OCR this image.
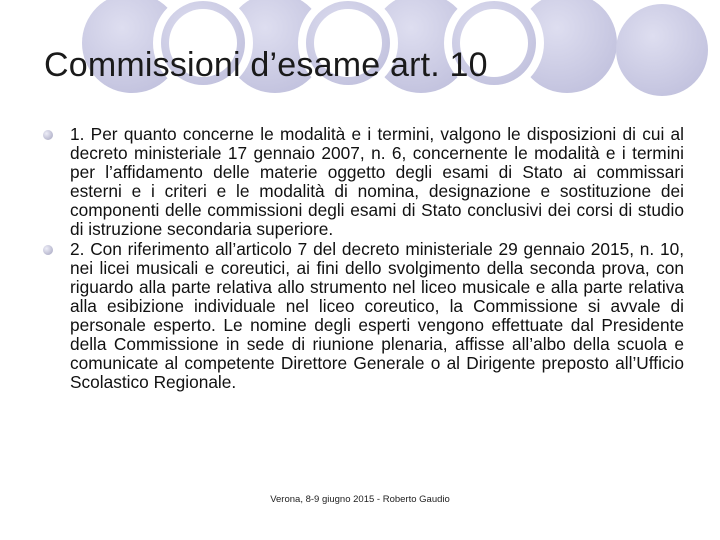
Commissioni d’esame art. 10
1. Per quanto concerne le modalità e i termini, valgono le disposizioni di cui al decreto ministeriale 17 gennaio 2007, n. 6, concernente le modalità e i termini per l’affidamento delle materie oggetto degli esami di Stato ai commissari esterni e i criteri e le modalità di nomina, designazione e sostituzione dei componenti delle commissioni degli esami di Stato conclusivi dei corsi di studio di istruzione secondaria superiore.
2. Con riferimento all’articolo 7 del decreto ministeriale 29 gennaio 2015, n. 10, nei licei musicali e coreutici, ai fini dello svolgimento della seconda prova, con riguardo alla parte relativa allo strumento nel liceo musicale e alla parte relativa alla esibizione individuale nel liceo coreutico, la Commissione si avvale di personale esperto. Le nomine degli esperti vengono effettuate dal Presidente della Commissione in sede di riunione plenaria, affisse all’albo della scuola e comunicate al competente Direttore Generale o al Dirigente preposto all’Ufficio Scolastico Regionale.
Verona, 8-9 giugno 2015 - Roberto Gaudio
